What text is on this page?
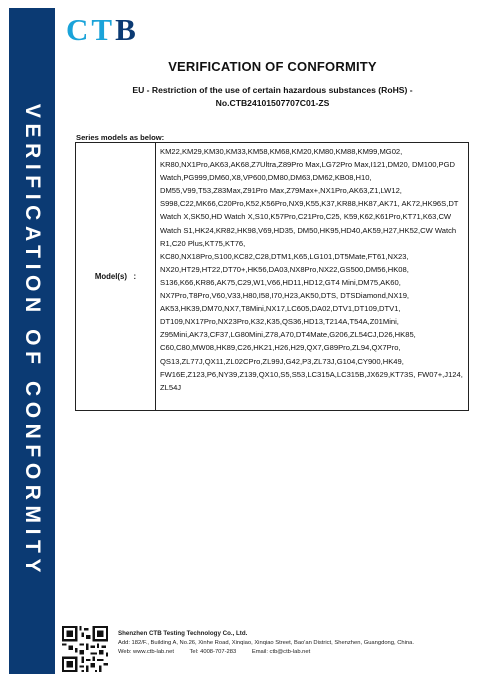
VERIFICATION OF CONFORMITY
CTB
VERIFICATION OF CONFORMITY
EU - Restriction of the use of certain hazardous substances (RoHS) -
No.CTB24101507707C01-ZS
Series models as below:
Model(s)
:
KM22,KM29,KM30,KM33,KM58,KM68,KM20,KM80,KM88,KM99,MG02, KR80,NX1Pro,AK63,AK68,Z7Ultra,Z89Pro Max,LG72Pro Max,I121,DM20, DM100,PGD Watch,PG999,DM60,X8,VP600,DM80,DM63,DM62,KB08,H10, DM55,V99,T53,Z83Max,Z91Pro Max,Z79Max+,NX1Pro,AK63,Z1,LW12, S998,C22,MK66,C20Pro,K52,K56Pro,NX9,K55,K37,KR88,HK87,AK71, AK72,HK96S,DT Watch X,SK50,HD Watch X,S10,K57Pro,C21Pro,C25, K59,K62,K61Pro,KT71,K63,CW Watch S1,HK24,KR82,HK98,V69,HD35, DM50,HK95,HD40,AK59,H27,HK52,CW Watch R1,C20 Plus,KT75,KT76, KC80,NX18Pro,S100,KC82,C28,DTM1,K65,LG101,DT5Mate,FT61,NX23, NX20,HT29,HT22,DT70+,HK56,DA03,NX8Pro,NX22,GS500,DM56,HK08, S136,K66,KR86,AK75,C29,W1,V66,HD11,HD12,GT4 Mini,DM75,AK60, NX7Pro,T8Pro,V60,V33,H80,I58,I70,H23,AK50,DTS, DTSDiamond,NX19, AK53,HK39,DM70,NX7,T8Mini,NX17,LC605,DA02,DTV1,DT109,DTV1, DT109,NX17Pro,NX23Pro,K32,K35,QS36,HD13,T214A,T54A,Z01Mini, Z95Mini,AK73,CF37,LG80Mini,Z78,A70,DT4Mate,G206,ZL54CJ,D26,HK85, C60,C80,MW08,HK89,C26,HK21,H26,H29,QX7,G89Pro,ZL94,QX7Pro, QS13,ZL77J,QX11,ZL02CPro,ZL99J,G42,P3,ZL73J,G104,CY900,HK49, FW16E,Z123,P6,NY39,Z139,QX10,S5,S53,LC315A,LC315B,JX629,KT73S, FW07+,J124, ZL54J
Shenzhen CTB Testing Technology Co., Ltd.
Add: 182/F., Building A, No.26, Xinhe Road, Xinqiao, Xinqiao Street, Bao'an District, Shenzhen, Guangdong, China.
Web: www.ctb-lab.net	Tel: 4008-707-283	Email: ctb@ctb-lab.net
